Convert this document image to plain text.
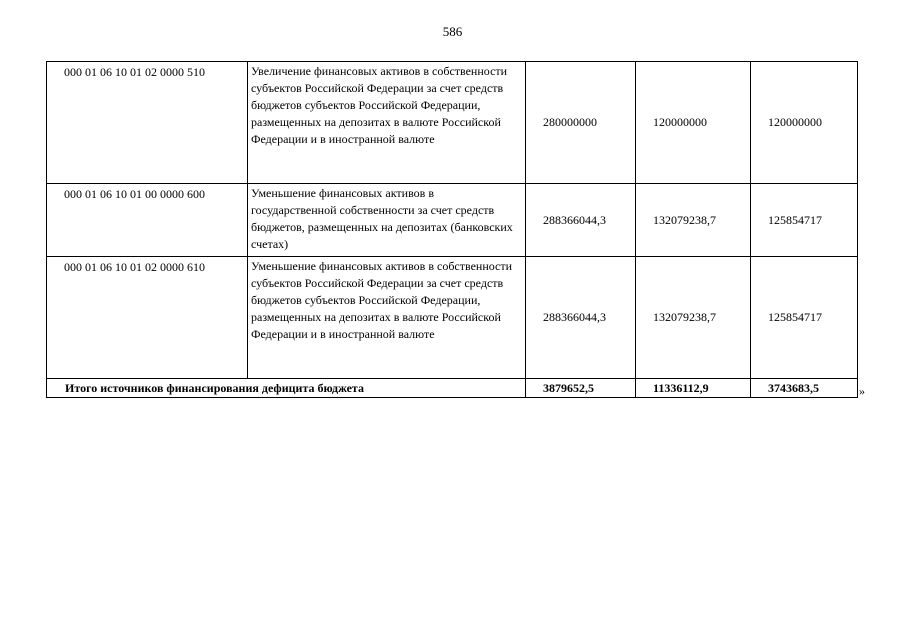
586
000 01 06 10 01 02 0000 510	Увеличение финансовых активов в собственности субъектов Российской Федерации за счет средств бюджетов субъектов Российской Федерации, размещенных на депозитах в валюте Российской Федерации и в иностранной валюте	280000000	120000000	120000000
000 01 06 10 01 00 0000 600	Уменьшение финансовых активов в государственной собственности за счет средств бюджетов, размещенных на депозитах (банковских счетах)	288366044,3	132079238,7	125854717
000 01 06 10 01 02 0000 610	Уменьшение финансовых активов в собственности субъектов Российской Федерации за счет средств бюджетов субъектов Российской Федерации, размещенных на депозитах в валюте Российской Федерации и в иностранной валюте	288366044,3	132079238,7	125854717
Итого источников финансирования дефицита бюджета		3879652,5	11336112,9	3743683,5	»
